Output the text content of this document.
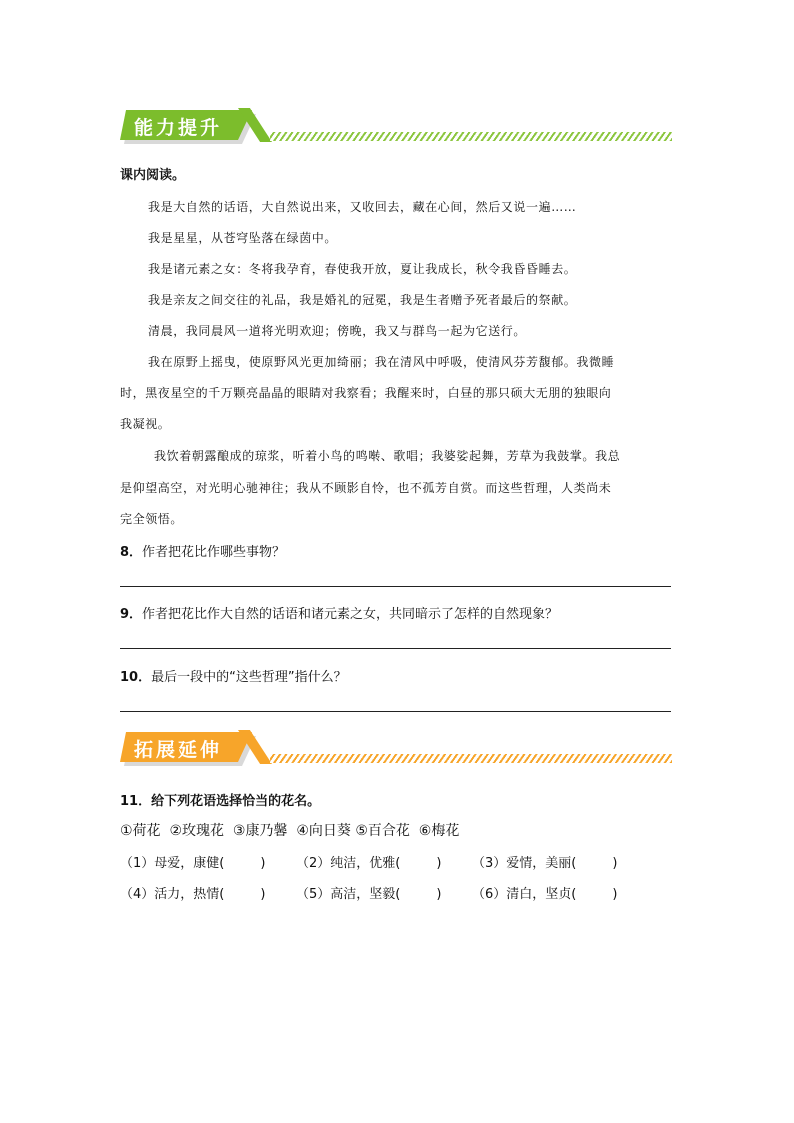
能力提升
课内阅读。
我是大自然的话语，大自然说出来，又收回去，藏在心间，然后又说一遍……
我是星星，从苍穹坠落在绿茵中。
我是诸元素之女：冬将我孕育，春使我开放，夏让我成长，秋令我昏昏睡去。
我是亲友之间交往的礼品，我是婚礼的冠冕，我是生者赠予死者最后的祭献。
清晨，我同晨风一道将光明欢迎；傍晚，我又与群鸟一起为它送行。
我在原野上摇曳，使原野风光更加绮丽；我在清风中呼吸，使清风芬芳馥郁。我微睡
时，黑夜星空的千万颗亮晶晶的眼睛对我察看；我醒来时，白昼的那只硕大无朋的独眼向
我凝视。
我饮着朝露酿成的琼浆，听着小鸟的鸣啭、歌唱；我婆娑起舞，芳草为我鼓掌。我总
是仰望高空，对光明心驰神往；我从不顾影自怜，也不孤芳自赏。而这些哲理，人类尚未
完全领悟。
8．作者把花比作哪些事物？
9．作者把花比作大自然的话语和诸元素之女，共同暗示了怎样的自然现象？
10．最后一段中的“这些哲理”指什么？
拓展延伸
11．给下列花语选择恰当的花名。
①荷花  ②玫瑰花  ③康乃馨  ④向日葵 ⑤百合花  ⑥梅花
（1）母爱，康健(	) （2）纯洁，优雅(	) （3）爱情，美丽(	)
（4）活力，热情(	) （5）高洁，坚毅(	) （6）清白，坚贞(	)
